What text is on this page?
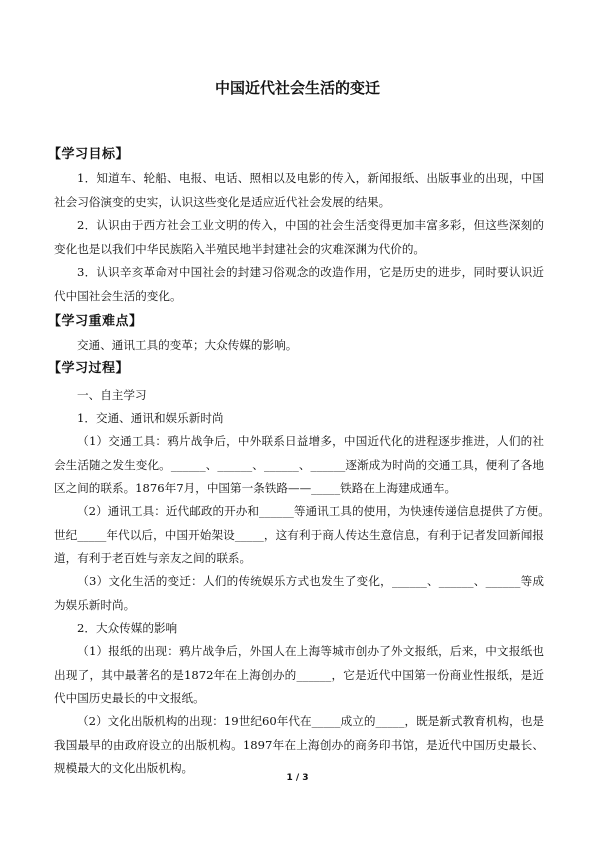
中国近代社会生活的变迁
【学习目标】

1．知道车、轮船、电报、电话、照相以及电影的传入，新闻报纸、出版事业的出现，中国社会习俗演变的史实，认识这些变化是适应近代社会发展的结果。

2．认识由于西方社会工业文明的传入，中国的社会生活变得更加丰富多彩，但这些深刻的变化也是以我们中华民族陷入半殖民地半封建社会的灾难深渊为代价的。

3．认识辛亥革命对中国社会的封建习俗观念的改造作用，它是历史的进步，同时要认识近代中国社会生活的变化。

【学习重难点】

交通、通讯工具的变革；大众传媒的影响。

【学习过程】
一、自主学习
1．交通、通讯和娱乐新时尚

（1）交通工具：鸦片战争后，中外联系日益增多，中国近代化的进程逐步推进，人们的社会生活随之发生变化。______、______、______、______逐渐成为时尚的交通工具，便利了各地区之间的联系。1876年7月，中国第一条铁路——_____铁路在上海建成通车。

（2）通讯工具：近代邮政的开办和______等通讯工具的使用，为快速传递信息提供了方便。　　世纪_____年代以后，中国开始架设_____，这有利于商人传达生意信息，有利于记者发回新闻报道，有利于老百姓与亲友之间的联系。

（3）文化生活的变迁：人们的传统娱乐方式也发生了变化，______、______、______等成为娱乐新时尚。

2．大众传媒的影响

（1）报纸的出现：鸦片战争后，外国人在上海等城市创办了外文报纸，后来，中文报纸也出现了，其中最著名的是1872年在上海创办的______，它是近代中国第一份商业性报纸，是近代中国历史最长的中文报纸。

（2）文化出版机构的出现：19世纪60年代在_____成立的_____，既是新式教育机构，也是我国最早的由政府设立的出版机构。1897年在上海创办的商务印书馆，是近代中国历史最长、规模最大的文化出版机构。

1 / 3
